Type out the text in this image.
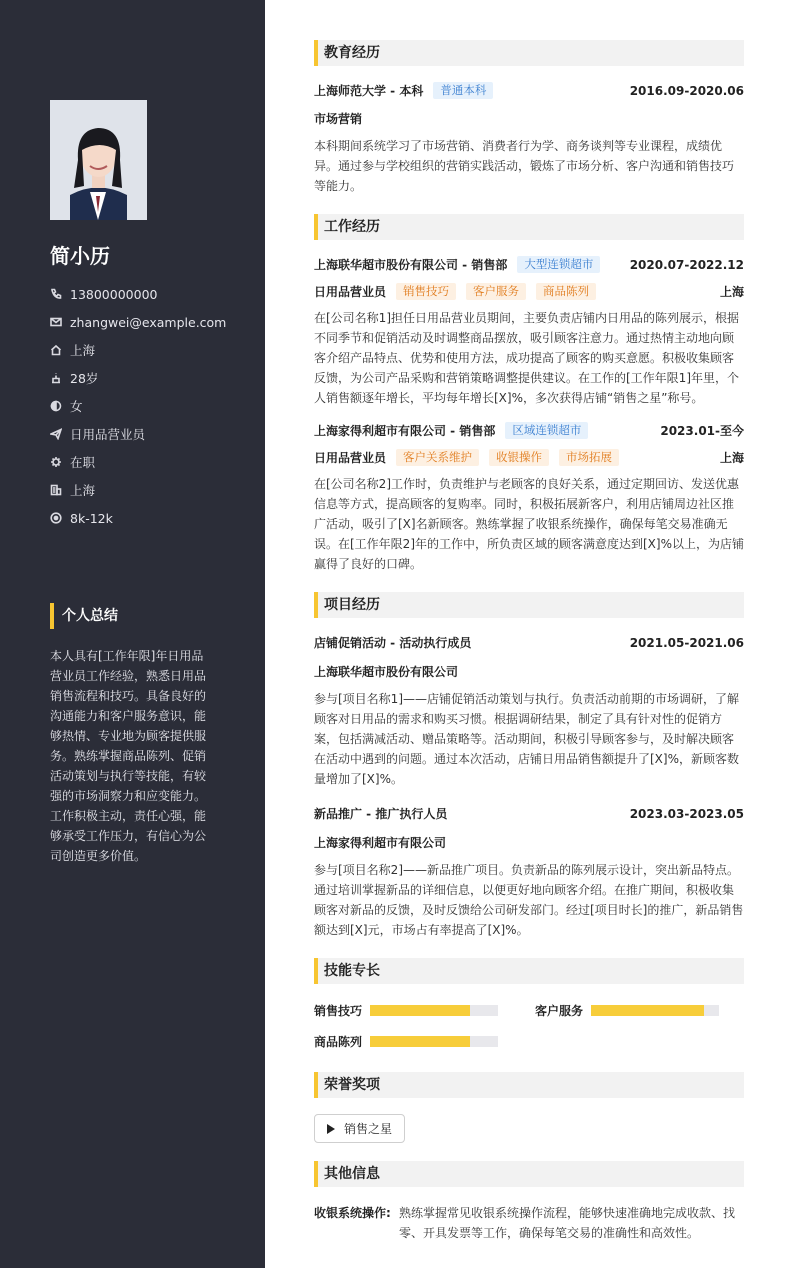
简小历
13800000000
zhangwei@example.com
上海
28岁
女
日用品营业员
在职
上海
8k-12k
个人总结
本人具有[工作年限]年日用品营业员工作经验，熟悉日用品销售流程和技巧。具备良好的沟通能力和客户服务意识，能够热情、专业地为顾客提供服务。熟练掌握商品陈列、促销活动策划与执行等技能，有较强的市场洞察力和应变能力。工作积极主动，责任心强，能够承受工作压力，有信心为公司创造更多价值。
教育经历
上海师范大学 - 本科	普通本科	2016.09-2020.06
市场营销
本科期间系统学习了市场营销、消费者行为学、商务谈判等专业课程，成绩优异。通过参与学校组织的营销实践活动，锻炼了市场分析、客户沟通和销售技巧等能力。
工作经历
上海联华超市股份有限公司 - 销售部	大型连锁超市	2020.07-2022.12
日用品营业员	销售技巧	客户服务	商品陈列	上海
在[公司名称1]担任日用品营业员期间，主要负责店铺内日用品的陈列展示，根据不同季节和促销活动及时调整商品摆放，吸引顾客注意力。通过热情主动地向顾客介绍产品特点、优势和使用方法，成功提高了顾客的购买意愿。积极收集顾客反馈，为公司产品采购和营销策略调整提供建议。在工作的[工作年限1]年里，个人销售额逐年增长，平均每年增长[X]%，多次获得店铺“销售之星”称号。
上海家得利超市有限公司 - 销售部	区域连锁超市	2023.01-至今
日用品营业员	客户关系维护	收银操作	市场拓展	上海
在[公司名称2]工作时，负责维护与老顾客的良好关系，通过定期回访、发送优惠信息等方式，提高顾客的复购率。同时，积极拓展新客户，利用店铺周边社区推广活动，吸引了[X]名新顾客。熟练掌握了收银系统操作，确保每笔交易准确无误。在[工作年限2]年的工作中，所负责区域的顾客满意度达到[X]%以上，为店铺赢得了良好的口碑。
项目经历
店铺促销活动 - 活动执行成员	2021.05-2021.06
上海联华超市股份有限公司
参与[项目名称1]——店铺促销活动策划与执行。负责活动前期的市场调研，了解顾客对日用品的需求和购买习惯。根据调研结果，制定了具有针对性的促销方案，包括满减活动、赠品策略等。活动期间，积极引导顾客参与，及时解决顾客在活动中遇到的问题。通过本次活动，店铺日用品销售额提升了[X]%，新顾客数量增加了[X]%。
新品推广 - 推广执行人员	2023.03-2023.05
上海家得利超市有限公司
参与[项目名称2]——新品推广项目。负责新品的陈列展示设计，突出新品特点。通过培训掌握新品的详细信息，以便更好地向顾客介绍。在推广期间，积极收集顾客对新品的反馈，及时反馈给公司研发部门。经过[项目时长]的推广，新品销售额达到[X]元，市场占有率提高了[X]%。
技能专长
销售技巧	客户服务
商品陈列
荣誉奖项
销售之星
其他信息
收银系统操作: 熟练掌握常见收银系统操作流程，能够快速准确地完成收款、找零、开具发票等工作，确保每笔交易的准确性和高效性。
